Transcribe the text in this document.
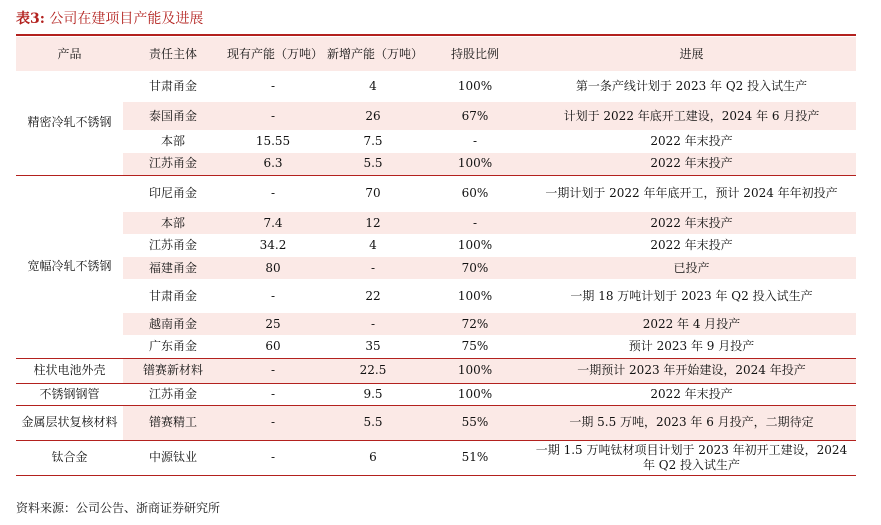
表3: 公司在建项目产能及进展
产品	责任主体	现有产能（万吨）	新增产能（万吨）	持股比例	进展
精密冷轧不锈钢	甘肃甬金	-	4	100%	第一条产线计划于 2023 年 Q2 投入试生产
	泰国甬金	-	26	67%	计划于 2022 年底开工建设，2024 年 6 月投产
	本部	15.55	7.5	-	2022 年末投产
	江苏甬金	6.3	5.5	100%	2022 年末投产
宽幅冷轧不锈钢	印尼甬金	-	70	60%	一期计划于 2022 年年底开工，预计 2024 年年初投产
	本部	7.4	12	-	2022 年末投产
	江苏甬金	34.2	4	100%	2022 年末投产
	福建甬金	80	-	70%	已投产
	甘肃甬金	-	22	100%	一期 18 万吨计划于 2023 年 Q2 投入试生产
	越南甬金	25	-	72%	2022 年 4 月投产
	广东甬金	60	35	75%	预计 2023 年 9 月投产
柱状电池外壳	镨赛新材料	-	22.5	100%	一期预计 2023 年开始建设，2024 年投产
不锈钢钢管	江苏甬金	-	9.5	100%	2022 年末投产
金属层状复核材料	镨赛精工	-	5.5	55%	一期 5.5 万吨，2023 年 6 月投产，二期待定
钛合金	中源钛业	-	6	51%	一期 1.5 万吨钛材项目计划于 2023 年初开工建设，2024 年 Q2 投入试生产
资料来源：公司公告、浙商证券研究所
